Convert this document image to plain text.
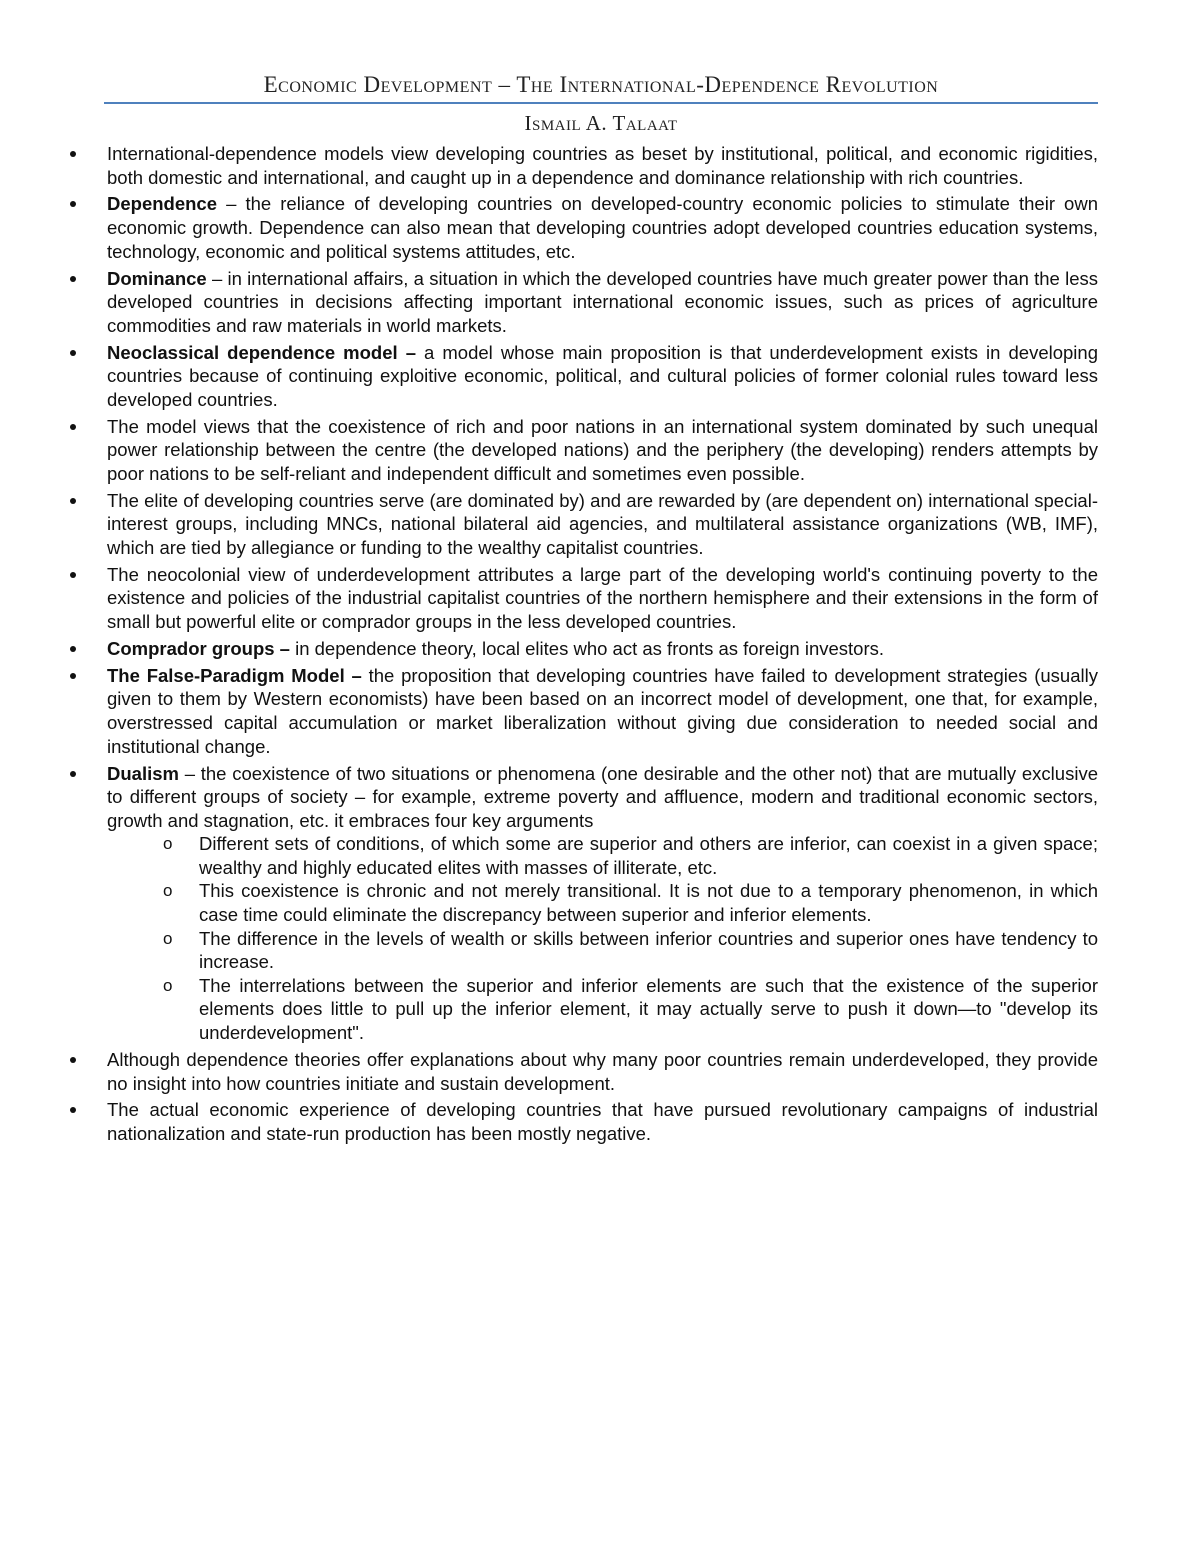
Economic Development – The International-Dependence Revolution
Ismail A. Talaat
International-dependence models view developing countries as beset by institutional, political, and economic rigidities, both domestic and international, and caught up in a dependence and dominance relationship with rich countries.
Dependence – the reliance of developing countries on developed-country economic policies to stimulate their own economic growth. Dependence can also mean that developing countries adopt developed countries education systems, technology, economic and political systems attitudes, etc.
Dominance – in international affairs, a situation in which the developed countries have much greater power than the less developed countries in decisions affecting important international economic issues, such as prices of agriculture commodities and raw materials in world markets.
Neoclassical dependence model – a model whose main proposition is that underdevelopment exists in developing countries because of continuing exploitive economic, political, and cultural policies of former colonial rules toward less developed countries.
The model views that the coexistence of rich and poor nations in an international system dominated by such unequal power relationship between the centre (the developed nations) and the periphery (the developing) renders attempts by poor nations to be self-reliant and independent difficult and sometimes even possible.
The elite of developing countries serve (are dominated by) and are rewarded by (are dependent on) international special-interest groups, including MNCs, national bilateral aid agencies, and multilateral assistance organizations (WB, IMF), which are tied by allegiance or funding to the wealthy capitalist countries.
The neocolonial view of underdevelopment attributes a large part of the developing world's continuing poverty to the existence and policies of the industrial capitalist countries of the northern hemisphere and their extensions in the form of small but powerful elite or comprador groups in the less developed countries.
Comprador groups – in dependence theory, local elites who act as fronts as foreign investors.
The False-Paradigm Model – the proposition that developing countries have failed to development strategies (usually given to them by Western economists) have been based on an incorrect model of development, one that, for example, overstressed capital accumulation or market liberalization without giving due consideration to needed social and institutional change.
Dualism – the coexistence of two situations or phenomena (one desirable and the other not) that are mutually exclusive to different groups of society – for example, extreme poverty and affluence, modern and traditional economic sectors, growth and stagnation, etc. it embraces four key arguments
o Different sets of conditions, of which some are superior and others are inferior, can coexist in a given space; wealthy and highly educated elites with masses of illiterate, etc.
o This coexistence is chronic and not merely transitional. It is not due to a temporary phenomenon, in which case time could eliminate the discrepancy between superior and inferior elements.
o The difference in the levels of wealth or skills between inferior countries and superior ones have tendency to increase.
o The interrelations between the superior and inferior elements are such that the existence of the superior elements does little to pull up the inferior element, it may actually serve to push it down—to "develop its underdevelopment".
Although dependence theories offer explanations about why many poor countries remain underdeveloped, they provide no insight into how countries initiate and sustain development.
The actual economic experience of developing countries that have pursued revolutionary campaigns of industrial nationalization and state-run production has been mostly negative.
